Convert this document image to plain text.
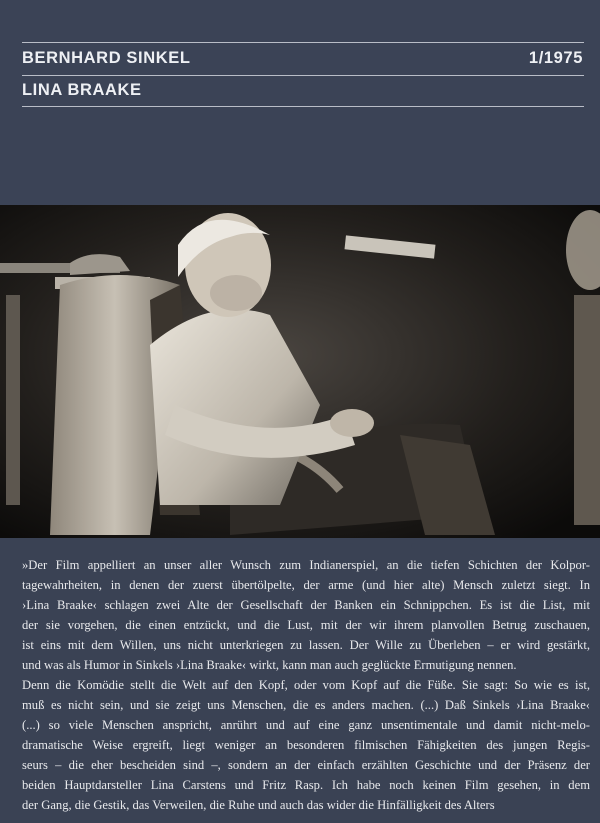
BERNHARD SINKEL	1/1975
LINA BRAAKE
»Der Film appelliert an unser aller Wunsch zum Indianerspiel, an die tiefen Schichten der Kolpor-
tagewahrheiten, in denen der zuerst übertölpelte, der arme (und hier alte) Mensch zuletzt siegt. In
›Lina Braake‹ schlagen zwei Alte der Gesellschaft der Banken ein Schnippchen. Es ist die List, mit
der sie vorgehen, die einen entzückt, und die Lust, mit der wir ihrem planvollen Betrug zuschauen,
ist eins mit dem Willen, uns nicht unterkriegen zu lassen. Der Wille zu Überleben – er wird gestärkt,
und was als Humor in Sinkels ›Lina Braake‹ wirkt, kann man auch geglückte Ermutigung nennen.
Denn die Komödie stellt die Welt auf den Kopf, oder vom Kopf auf die Füße. Sie sagt: So wie es ist,
muß es nicht sein, und sie zeigt uns Menschen, die es anders machen. (...) Daß Sinkels ›Lina Braake‹
(...) so viele Menschen anspricht, anrührt und auf eine ganz unsentimentale und damit nicht-melo-
dramatische Weise ergreift, liegt weniger an besonderen filmischen Fähigkeiten des jungen Regis-
seurs – die eher bescheiden sind –, sondern an der einfach erzählten Geschichte und der Präsenz der
beiden Hauptdarsteller Lina Carstens und Fritz Rasp. Ich habe noch keinen Film gesehen, in dem
der Gang, die Gestik, das Verweilen, die Ruhe und auch das wider die Hinfälligkeit des Alters
